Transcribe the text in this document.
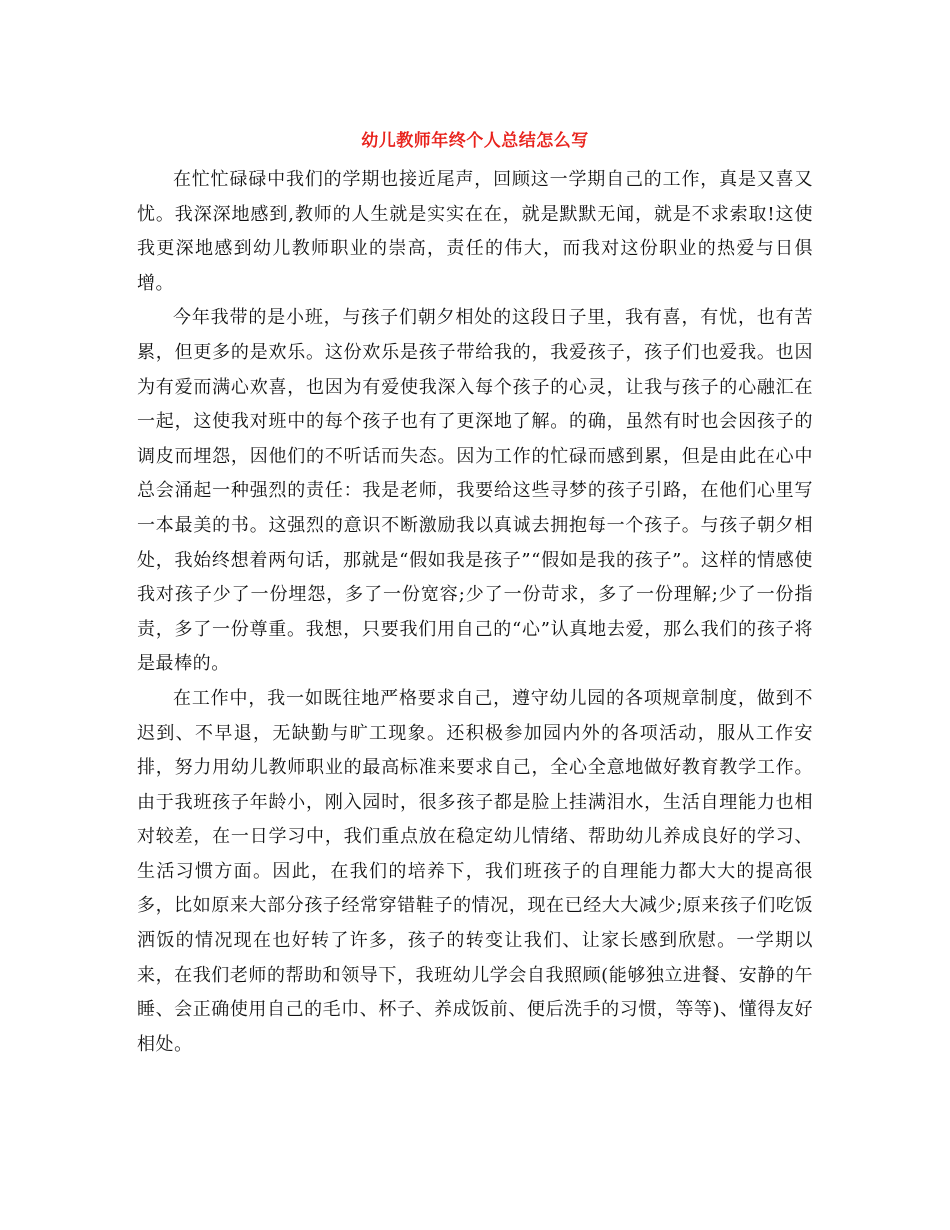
幼儿教师年终个人总结怎么写

在忙忙碌碌中我们的学期也接近尾声，回顾这一学期自己的工作，真是又喜又忧。我深深地感到,教师的人生就是实实在在，就是默默无闻，就是不求索取!这使我更深地感到幼儿教师职业的崇高，责任的伟大，而我对这份职业的热爱与日俱增。

今年我带的是小班，与孩子们朝夕相处的这段日子里，我有喜，有忧，也有苦累，但更多的是欢乐。这份欢乐是孩子带给我的，我爱孩子，孩子们也爱我。也因为有爱而满心欢喜，也因为有爱使我深入每个孩子的心灵，让我与孩子的心融汇在一起，这使我对班中的每个孩子也有了更深地了解。的确，虽然有时也会因孩子的调皮而埋怨，因他们的不听话而失态。因为工作的忙碌而感到累，但是由此在心中总会涌起一种强烈的责任：我是老师，我要给这些寻梦的孩子引路，在他们心里写一本最美的书。这强烈的意识不断激励我以真诚去拥抱每一个孩子。与孩子朝夕相处，我始终想着两句话，那就是“假如我是孩子”“假如是我的孩子”。这样的情感使我对孩子少了一份埋怨，多了一份宽容;少了一份苛求，多了一份理解;少了一份指责，多了一份尊重。我想，只要我们用自己的“心”认真地去爱，那么我们的孩子将是最棒的。

在工作中，我一如既往地严格要求自己，遵守幼儿园的各项规章制度，做到不迟到、不早退，无缺勤与旷工现象。还积极参加园内外的各项活动，服从工作安排，努力用幼儿教师职业的最高标准来要求自己，全心全意地做好教育教学工作。由于我班孩子年龄小，刚入园时，很多孩子都是脸上挂满泪水，生活自理能力也相对较差，在一日学习中，我们重点放在稳定幼儿情绪、帮助幼儿养成良好的学习、生活习惯方面。因此，在我们的培养下，我们班孩子的自理能力都大大的提高很多，比如原来大部分孩子经常穿错鞋子的情况，现在已经大大减少;原来孩子们吃饭洒饭的情况现在也好转了许多，孩子的转变让我们、让家长感到欣慰。一学期以来，在我们老师的帮助和领导下，我班幼儿学会自我照顾(能够独立进餐、安静的午睡、会正确使用自己的毛巾、杯子、养成饭前、便后洗手的习惯，等等)、懂得友好相处。
